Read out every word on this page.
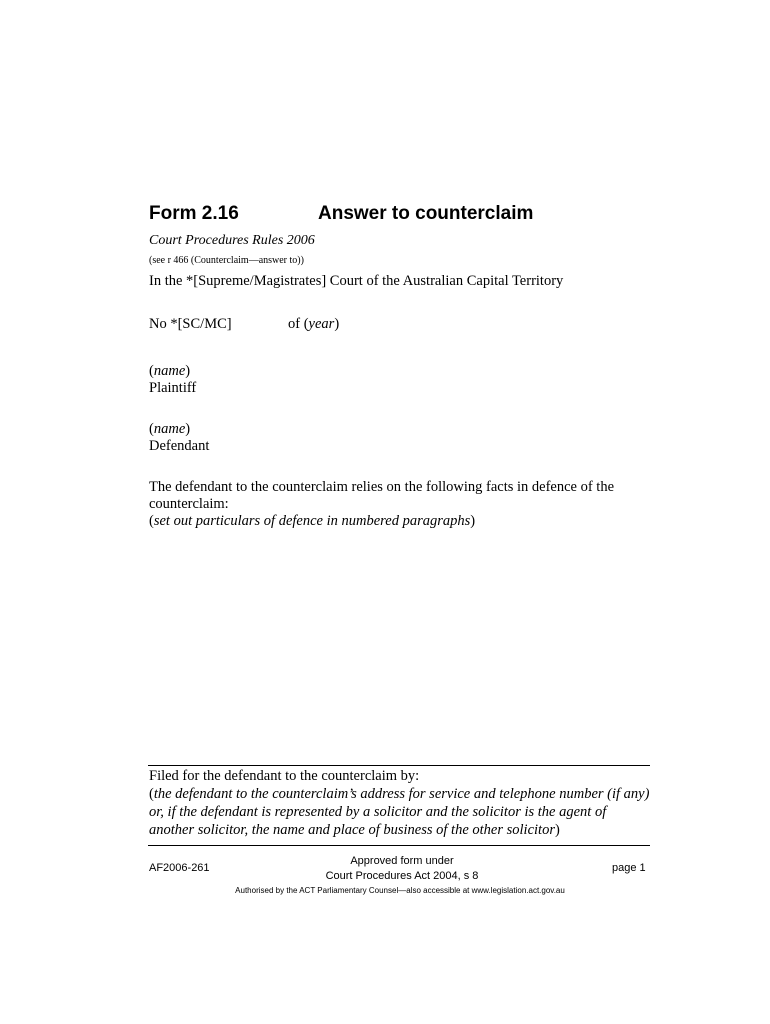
Form 2.16	Answer to counterclaim
Court Procedures Rules 2006
(see r 466 (Counterclaim—answer to))
In the *[Supreme/Magistrates] Court of the Australian Capital Territory
No *[SC/MC]	of (year)
(name)
Plaintiff
(name)
Defendant
The defendant to the counterclaim relies on the following facts in defence of the counterclaim:
(set out particulars of defence in numbered paragraphs)
Filed for the defendant to the counterclaim by:
(the defendant to the counterclaim’s address for service and telephone number (if any) or, if the defendant is represented by a solicitor and the solicitor is the agent of another solicitor, the name and place of business of the other solicitor)
AF2006-261
Approved form under
Court Procedures Act 2004, s 8
page 1
Authorised by the ACT Parliamentary Counsel—also accessible at www.legislation.act.gov.au
